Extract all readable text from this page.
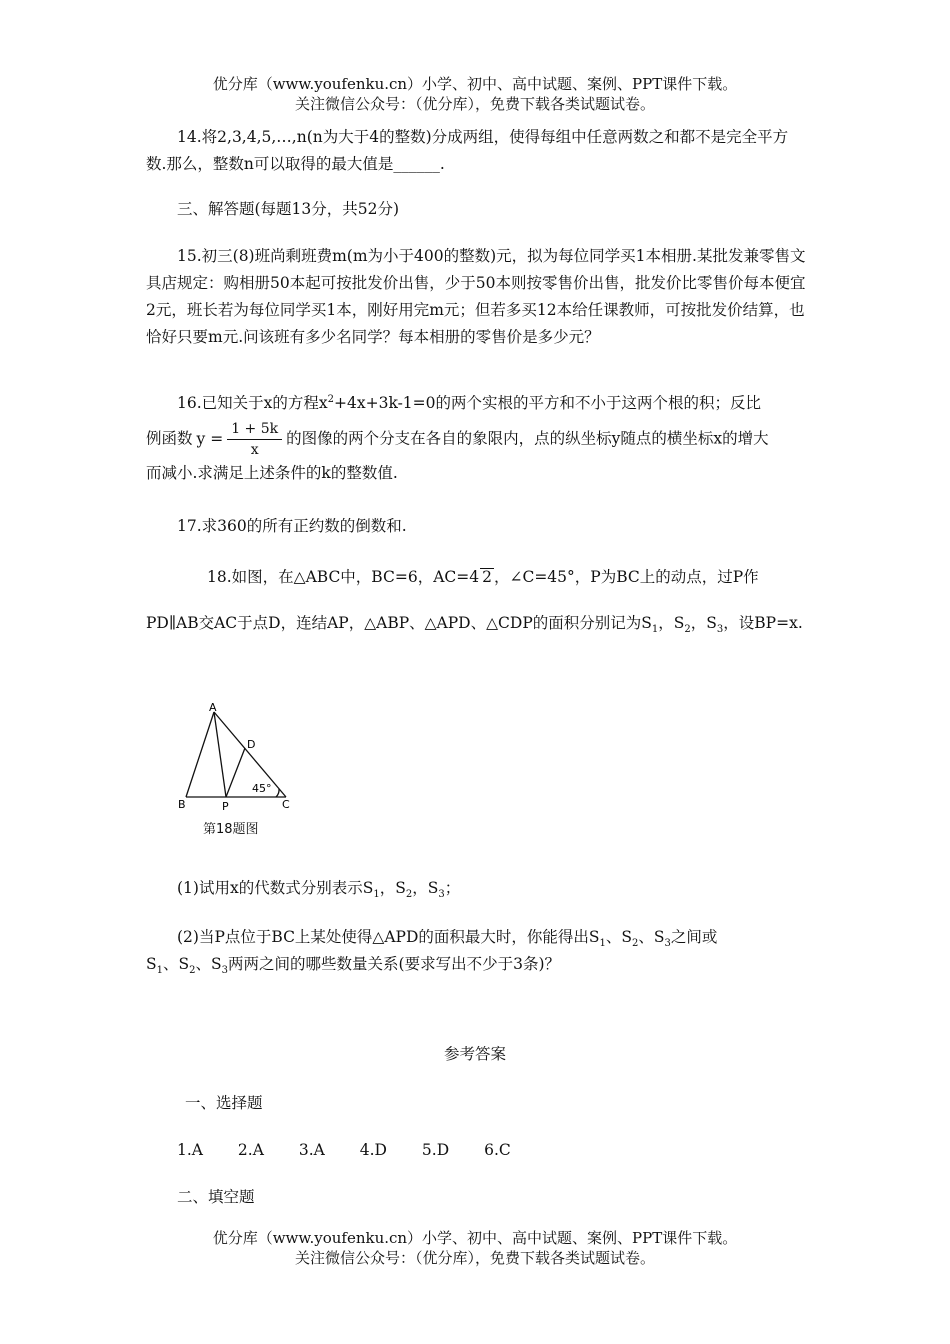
优分库（www.youfenku.cn）小学、初中、高中试题、案例、PPT课件下载。
关注微信公众号：（优分库），免费下载各类试题试卷。
14.将2,3,4,5,…,n(n为大于4的整数)分成两组，使得每组中任意两数之和都不是完全平方数.那么，整数n可以取得的最大值是______.
三、解答题(每题13分，共52分)
15.初三(8)班尚剩班费m(m为小于400的整数)元，拟为每位同学买1本相册.某批发兼零售文具店规定：购相册50本起可按批发价出售，少于50本则按零售价出售，批发价比零售价每本便宜2元，班长若为每位同学买1本，刚好用完m元；但若多买12本给任课教师，可按批发价结算，也恰好只要m元.问该班有多少名同学？每本相册的零售价是多少元？
16.已知关于x的方程$x^2+4x+3k-1=0$的两个实根的平方和不小于这两个根的积；反比
例函数 $y = \frac{1 + 5k}{x}$ 的图像的两个分支在各自的象限内，点的纵坐标y随点的横坐标x的增大
而减小.求满足上述条件的k的整数值.
17.求360的所有正约数的倒数和.
18.如图，在△ABC中，BC=6，AC=4 2 ，∠C=45°，P为BC上的动点，过P作
PD∥AB交AC于点D，连结AP，△ABP、△APD、△CDP的面积分别记为$S_1$，$S_2$，$S_3$，设BP=x.
A
B	P	C
D
45°
第18题图
(1)试用x的代数式分别表示$S_1$，$S_2$，$S_3$；
(2)当P点位于BC上某处使得△APD的面积最大时，你能得出$S_1$、$S_2$、$S_3$之间或
$S_1$、$S_2$、$S_3$两两之间的哪些数量关系(要求写出不少于3条)？
参考答案
一、选择题
1.A 2.A 3.A 4.D 5.D 6.C
二、填空题
优分库（www.youfenku.cn）小学、初中、高中试题、案例、PPT课件下载。
关注微信公众号：（优分库），免费下载各类试题试卷。
